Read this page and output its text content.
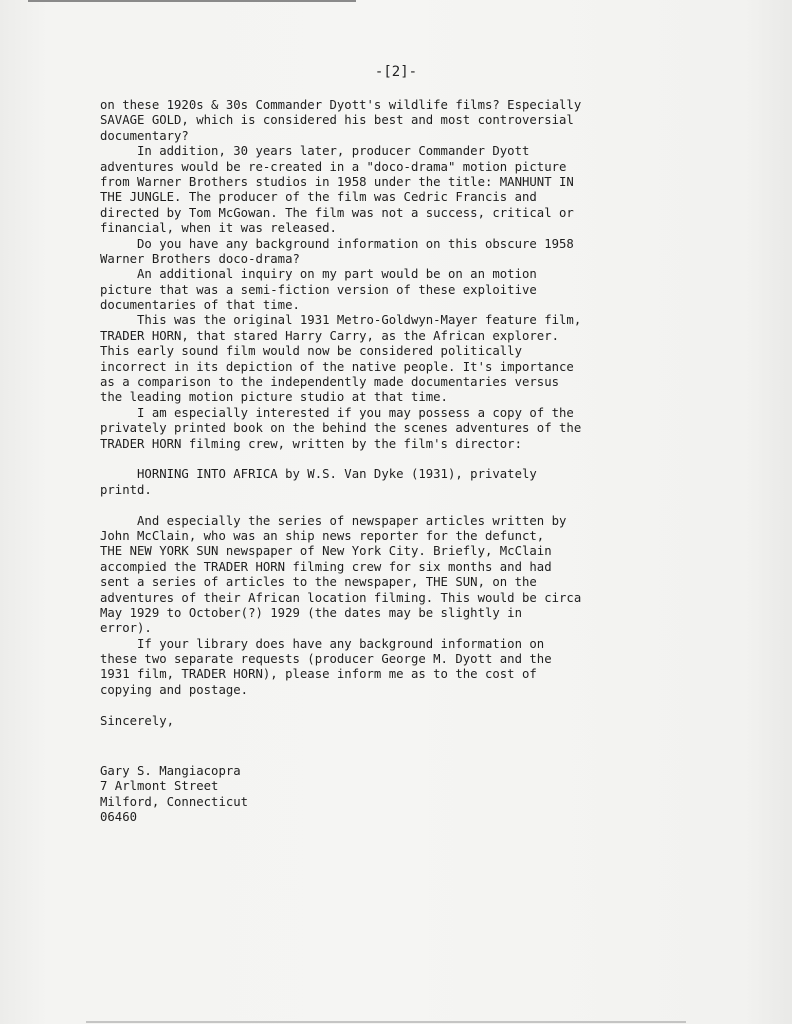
-[2]-

on these 1920s & 30s Commander Dyott's wildlife films? Especially
SAVAGE GOLD, which is considered his best and most controversial
documentary?
In addition, 30 years later, producer Commander Dyott
adventures would be re-created in a "doco-drama" motion picture
from Warner Brothers studios in 1958 under the title: MANHUNT IN
THE JUNGLE. The producer of the film was Cedric Francis and
directed by Tom McGowan. The film was not a success, critical or
financial, when it was released.
Do you have any background information on this obscure 1958
Warner Brothers doco-drama?
An additional inquiry on my part would be on an motion
picture that was a semi-fiction version of these exploitive
documentaries of that time.
This was the original 1931 Metro-Goldwyn-Mayer feature film,
TRADER HORN, that stared Harry Carry, as the African explorer.
This early sound film would now be considered politically
incorrect in its depiction of the native people. It's importance
as a comparison to the independently made documentaries versus
the leading motion picture studio at that time.
I am especially interested if you may possess a copy of the
privately printed book on the behind the scenes adventures of the
TRADER HORN filming crew, written by the film's director:
HORNING INTO AFRICA by W.S. Van Dyke (1931), privately
printd.
And especially the series of newspaper articles written by
John McClain, who was an ship news reporter for the defunct,
THE NEW YORK SUN newspaper of New York City. Briefly, McClain
accompied the TRADER HORN filming crew for six months and had
sent a series of articles to the newspaper, THE SUN, on the
adventures of their African location filming. This would be circa
May 1929 to October(?) 1929 (the dates may be slightly in
error).
If your library does have any background information on
these two separate requests (producer George M. Dyott and the
1931 film, TRADER HORN), please inform me as to the cost of
copying and postage.
Sincerely,
Gary S. Mangiacopra
7 Arlmont Street
Milford, Connecticut
06460
